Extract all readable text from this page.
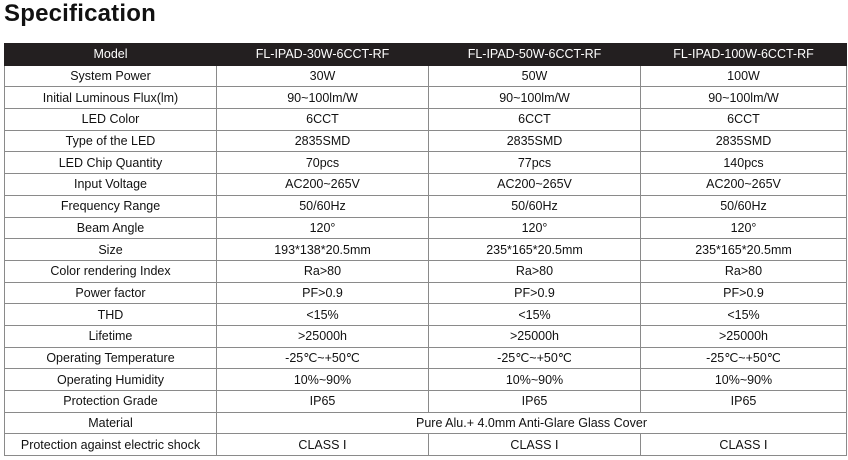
Specification
Model	FL-IPAD-30W-6CCT-RF	FL-IPAD-50W-6CCT-RF	FL-IPAD-100W-6CCT-RF
System Power	30W	50W	100W
Initial Luminous Flux(lm)	90~100lm/W	90~100lm/W	90~100lm/W
LED Color	6CCT	6CCT	6CCT
Type of the LED	2835SMD	2835SMD	2835SMD
LED Chip Quantity	70pcs	77pcs	140pcs
Input Voltage	AC200~265V	AC200~265V	AC200~265V
Frequency Range	50/60Hz	50/60Hz	50/60Hz
Beam Angle	120°	120°	120°
Size	193*138*20.5mm	235*165*20.5mm	235*165*20.5mm
Color rendering Index	Ra>80	Ra>80	Ra>80
Power factor	PF>0.9	PF>0.9	PF>0.9
THD	<15%	<15%	<15%
Lifetime	>25000h	>25000h	>25000h
Operating Temperature	-25℃~+50℃	-25℃~+50℃	-25℃~+50℃
Operating Humidity	10%~90%	10%~90%	10%~90%
Protection Grade	IP65	IP65	IP65
Material	Pure Alu.+ 4.0mm Anti-Glare Glass Cover		
Protection against electric shock	CLASS Ⅰ	CLASS Ⅰ	CLASS Ⅰ
